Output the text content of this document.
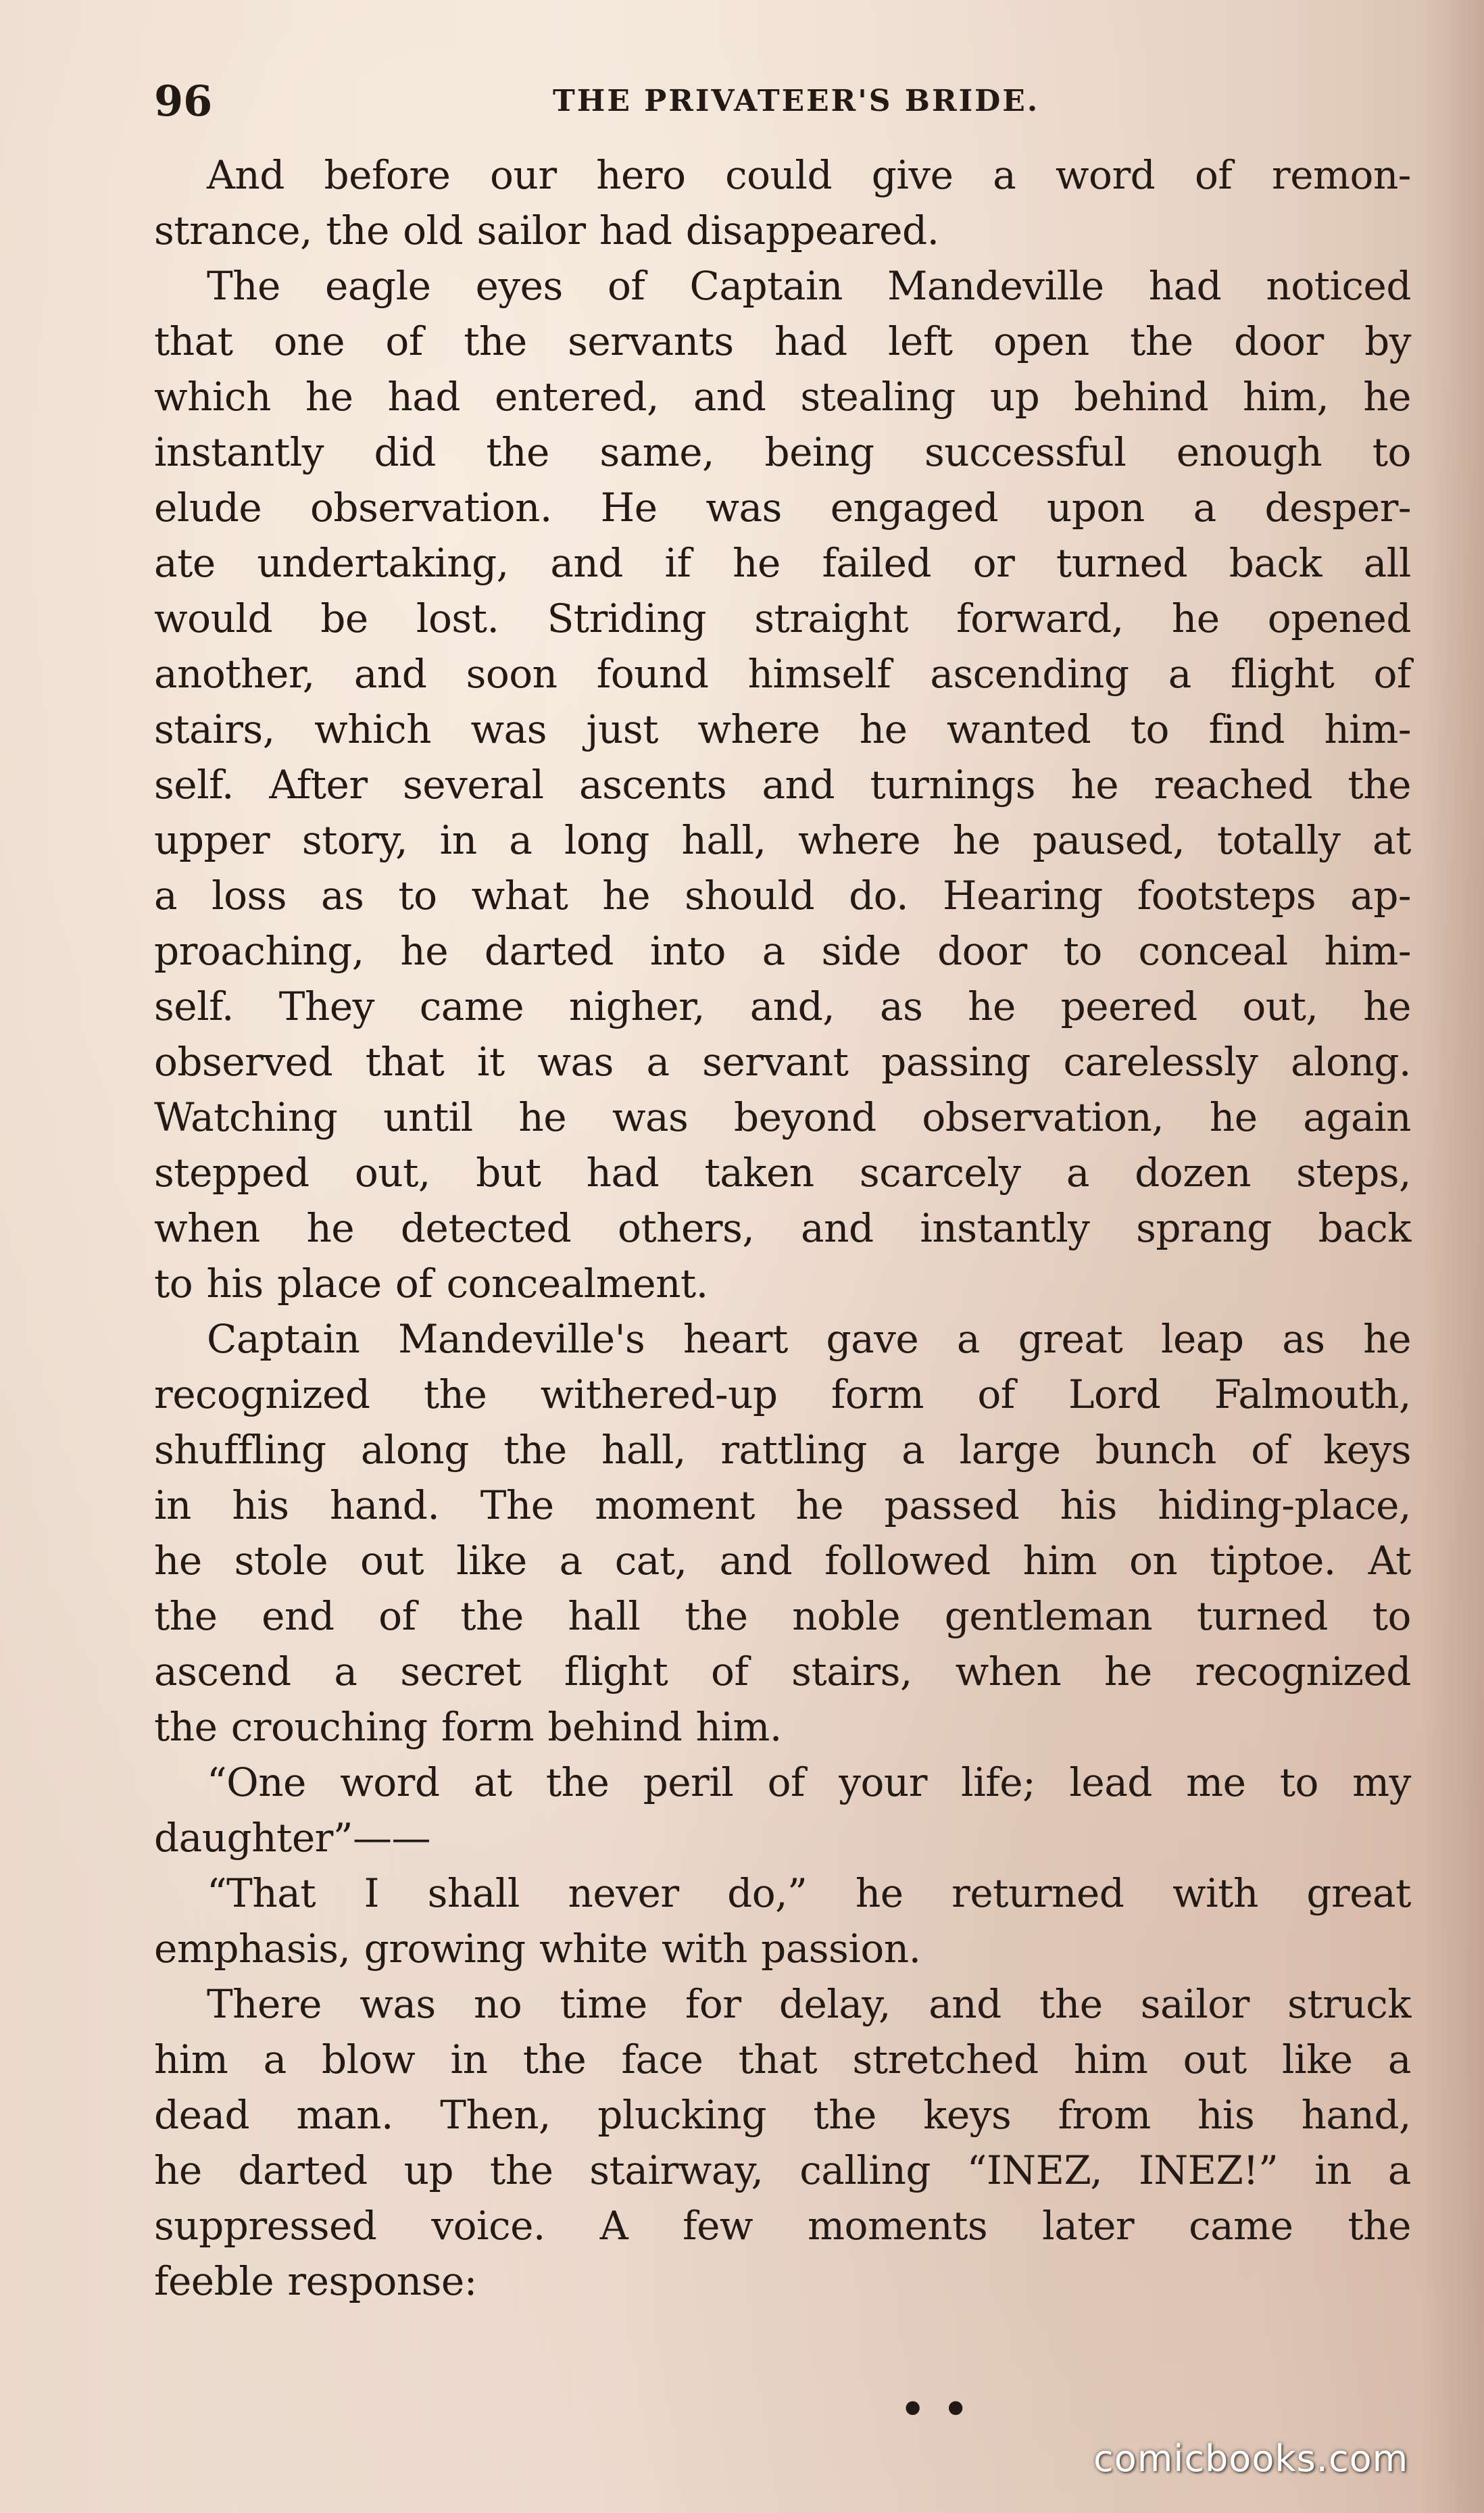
96	THE PRIVATEER'S BRIDE.
And before our hero could give a word of remon-
strance, the old sailor had disappeared.
The eagle eyes of Captain Mandeville had noticed
that one of the servants had left open the door by
which he had entered, and stealing up behind him, he
instantly did the same, being successful enough to
elude observation. He was engaged upon a desper-
ate undertaking, and if he failed or turned back all
would be lost. Striding straight forward, he opened
another, and soon found himself ascending a flight of
stairs, which was just where he wanted to find him-
self. After several ascents and turnings he reached the
upper story, in a long hall, where he paused, totally at
a loss as to what he should do. Hearing footsteps ap-
proaching, he darted into a side door to conceal him-
self. They came nigher, and, as he peered out, he
observed that it was a servant passing carelessly along.
Watching until he was beyond observation, he again
stepped out, but had taken scarcely a dozen steps,
when he detected others, and instantly sprang back
to his place of concealment.
Captain Mandeville's heart gave a great leap as he
recognized the withered-up form of Lord Falmouth,
shuffling along the hall, rattling a large bunch of keys
in his hand. The moment he passed his hiding-place,
he stole out like a cat, and followed him on tiptoe. At
the end of the hall the noble gentleman turned to
ascend a secret flight of stairs, when he recognized
the crouching form behind him.
“One word at the peril of your life; lead me to my
daughter”——
“That I shall never do,” he returned with great
emphasis, growing white with passion.
There was no time for delay, and the sailor struck
him a blow in the face that stretched him out like a
dead man. Then, plucking the keys from his hand,
he darted up the stairway, calling “INEZ, INEZ!” in a
suppressed voice. A few moments later came the
feeble response:
• •
comicbooks.com
